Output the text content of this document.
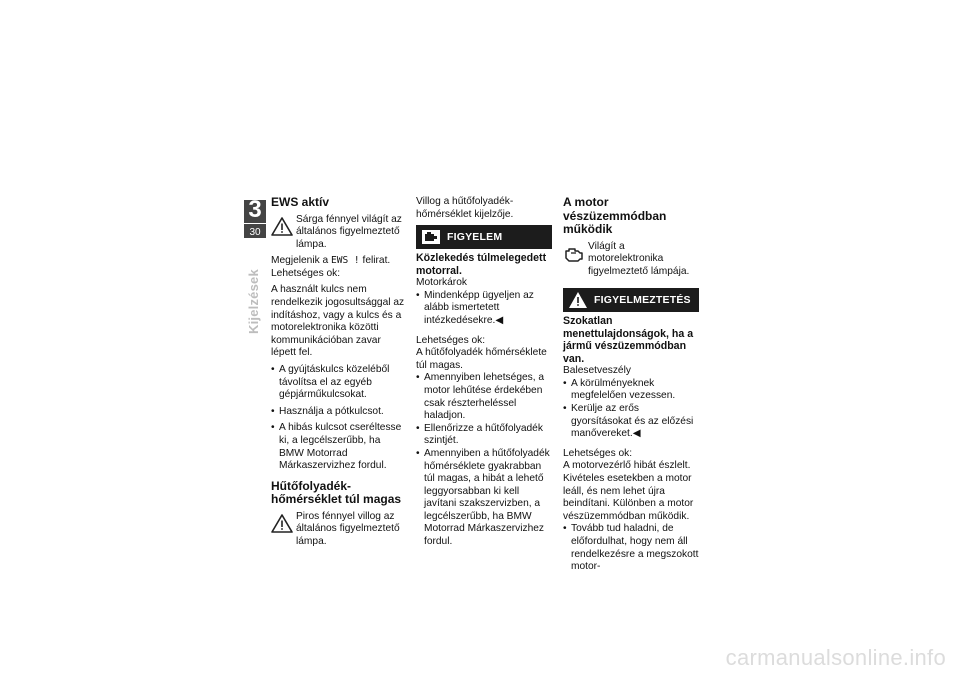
3
30
Kijelzések
EWS aktív

Sárga fénnyel világít az általános figyelmeztető lámpa.

Megjelenik a EWS ! felirat.

Lehetséges ok:

A használt kulcs nem rendelkezik jogosultsággal az indításhoz, vagy a kulcs és a motorelektronika közötti kommunikációban zavar lépett fel.

• A gyújtáskulcs közeléből távolítsa el az egyéb gépjárműkulcsokat.
• Használja a pótkulcsot.
• A hibás kulcsot cseréltesse ki, a legcélszerűbb, ha BMW Motorrad Márkaszervizhez fordul.
Hűtőfolyadék-hőmérséklet túl magas

Piros fénnyel villog az általános figyelmeztető lámpa.

Villog a hűtőfolyadék-hőmérséklet kijelzője.

FIGYELEM

Közlekedés túlmelegedett motorral.

Motorkárok

• Mindenképp ügyeljen az alább ismertetett intézkedésekre.◀

Lehetséges ok:

A hűtőfolyadék hőmérséklete túl magas.

• Amennyiben lehetséges, a motor lehűtése érdekében csak részterheléssel haladjon.
• Ellenőrizze a hűtőfolyadék szintjét.
• Amennyiben a hűtőfolyadék hőmérséklete gyakrabban túl magas, a hibát a lehető leggyorsabban ki kell javítani szakszervizben, a legcélszerűbb, ha BMW Motorrad Márkaszervizhez fordul.
A motor vészüzemmódban működik

Világít a motorelektronika figyelmeztető lámpája.

FIGYELMEZTETÉS

Szokatlan menettulajdonságok, ha a jármű vészüzemmódban van.

Balesetveszély

• A körülményeknek megfelelően vezessen.
• Kerülje az erős gyorsításokat és az előzési manővereket.◀

Lehetséges ok:

A motorvezérlő hibát észlelt. Kivételes esetekben a motor leáll, és nem lehet újra beindítani. Különben a motor vészüzemmódban működik.

• Tovább tud haladni, de előfordulhat, hogy nem áll rendelkezésre a megszokott motor-
carmanualsonline.info
